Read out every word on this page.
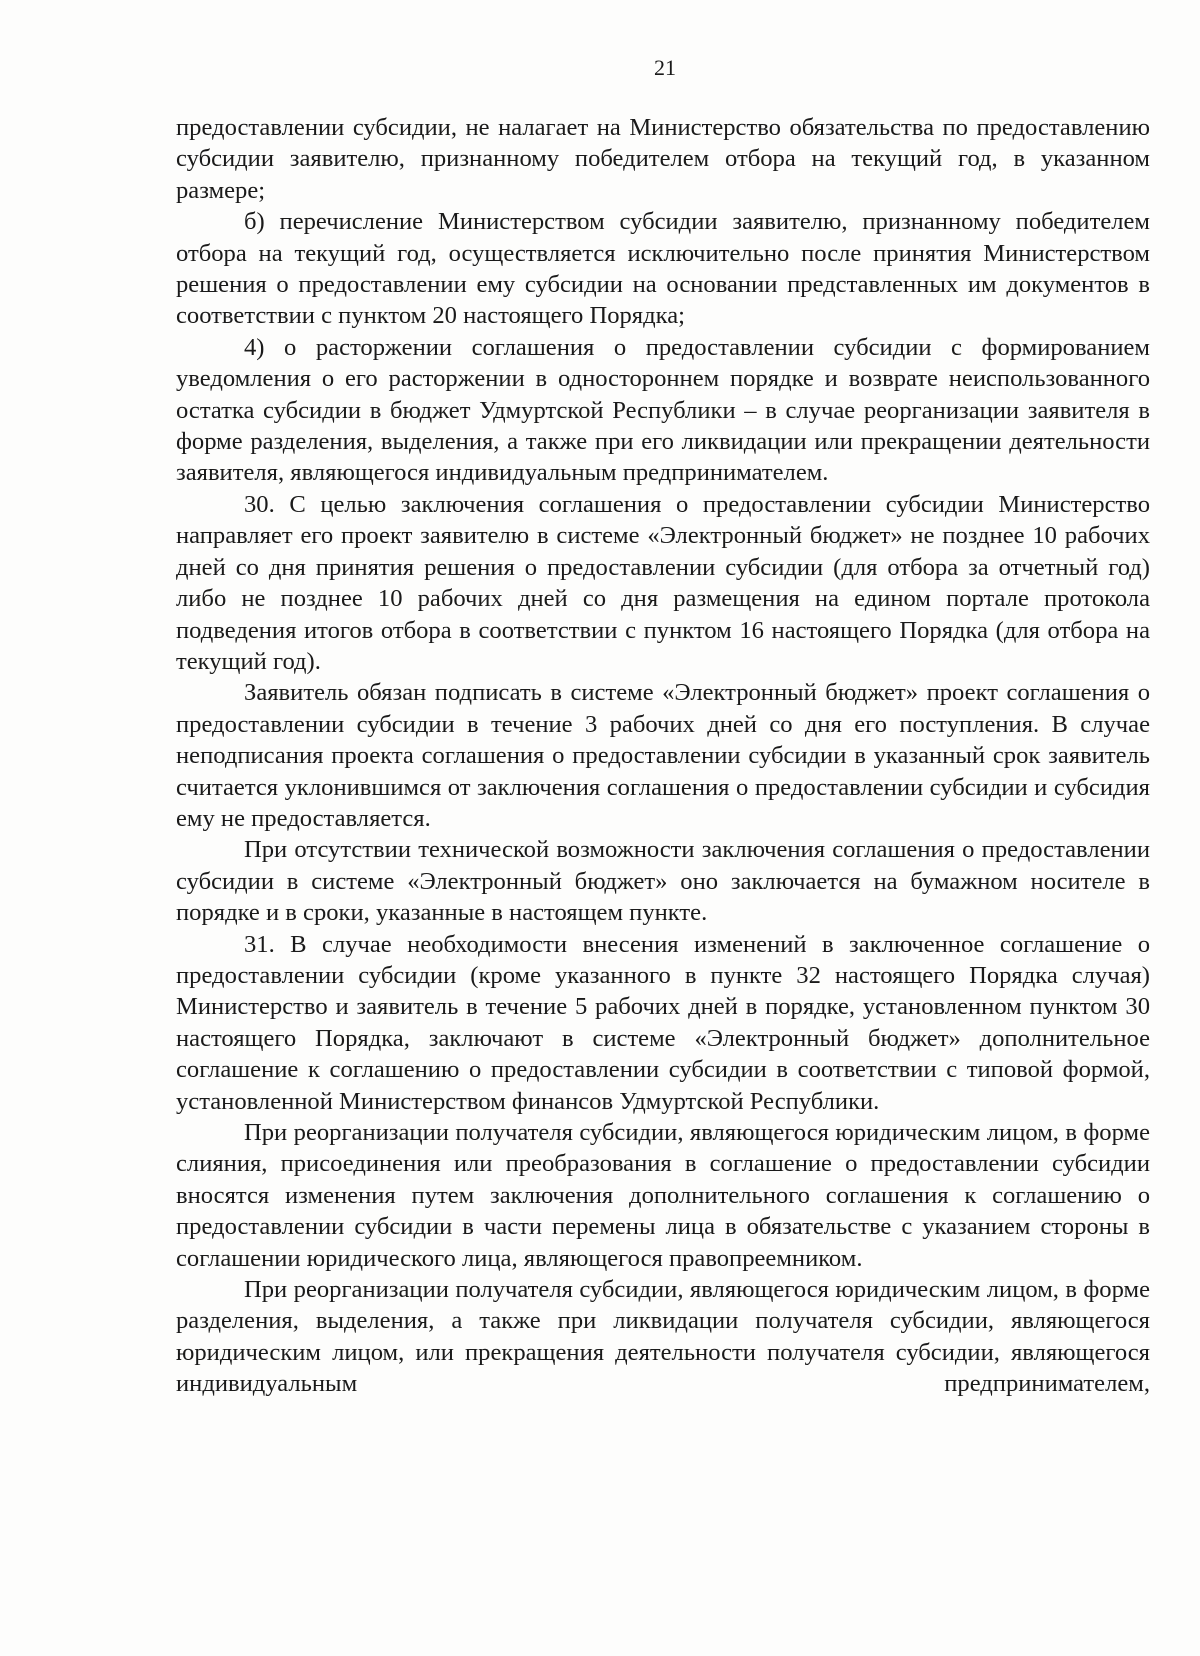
21

предоставлении субсидии, не налагает на Министерство обязательства по предоставлению субсидии заявителю, признанному победителем отбора на текущий год, в указанном размере;

б) перечисление Министерством субсидии заявителю, признанному победителем отбора на текущий год, осуществляется исключительно после принятия Министерством решения о предоставлении ему субсидии на основании представленных им документов в соответствии с пунктом 20 настоящего Порядка;

4) о расторжении соглашения о предоставлении субсидии с формированием уведомления о его расторжении в одностороннем порядке и возврате неиспользованного остатка субсидии в бюджет Удмуртской Республики – в случае реорганизации заявителя в форме разделения, выделения, а также при его ликвидации или прекращении деятельности заявителя, являющегося индивидуальным предпринимателем.

30. С целью заключения соглашения о предоставлении субсидии Министерство направляет его проект заявителю в системе «Электронный бюджет» не позднее 10 рабочих дней со дня принятия решения о предоставлении субсидии (для отбора за отчетный год) либо не позднее 10 рабочих дней со дня размещения на едином портале протокола подведения итогов отбора в соответствии с пунктом 16 настоящего Порядка (для отбора на текущий год).

Заявитель обязан подписать в системе «Электронный бюджет» проект соглашения о предоставлении субсидии в течение 3 рабочих дней со дня его поступления. В случае неподписания проекта соглашения о предоставлении субсидии в указанный срок заявитель считается уклонившимся от заключения соглашения о предоставлении субсидии и субсидия ему не предоставляется.

При отсутствии технической возможности заключения соглашения о предоставлении субсидии в системе «Электронный бюджет» оно заключается на бумажном носителе в порядке и в сроки, указанные в настоящем пункте.

31. В случае необходимости внесения изменений в заключенное соглашение о предоставлении субсидии (кроме указанного в пункте 32 настоящего Порядка случая) Министерство и заявитель в течение 5 рабочих дней в порядке, установленном пунктом 30 настоящего Порядка, заключают в системе «Электронный бюджет» дополнительное соглашение к соглашению о предоставлении субсидии в соответствии с типовой формой, установленной Министерством финансов Удмуртской Республики.

При реорганизации получателя субсидии, являющегося юридическим лицом, в форме слияния, присоединения или преобразования в соглашение о предоставлении субсидии вносятся изменения путем заключения дополнительного соглашения к соглашению о предоставлении субсидии в части перемены лица в обязательстве с указанием стороны в соглашении юридического лица, являющегося правопреемником.

При реорганизации получателя субсидии, являющегося юридическим лицом, в форме разделения, выделения, а также при ликвидации получателя субсидии, являющегося юридическим лицом, или прекращения деятельности получателя субсидии, являющегося индивидуальным предпринимателем,
